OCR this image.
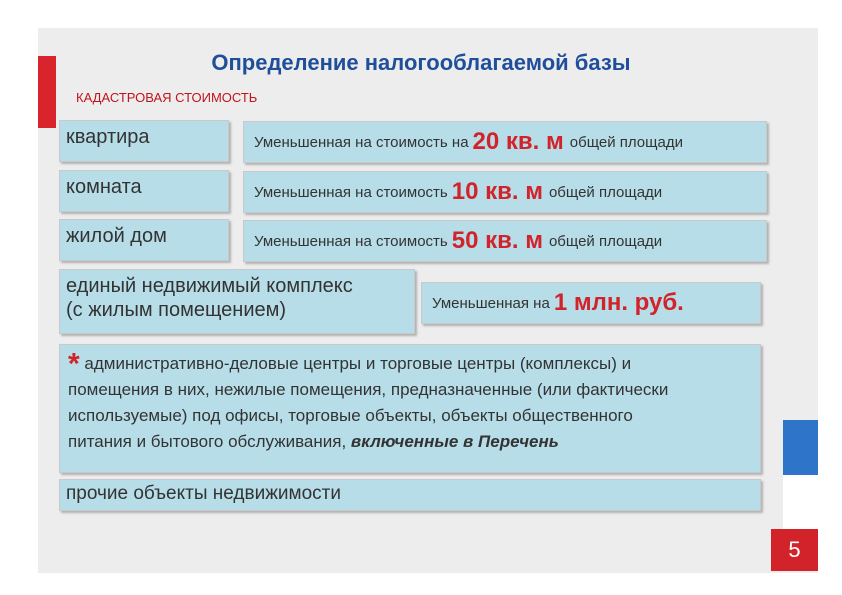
Определение налогооблагаемой базы
КАДАСТРОВАЯ СТОИМОСТЬ
квартира	Уменьшенная на стоимость на 20 кв. м общей площади
комната	Уменьшенная на стоимость 10 кв. м общей площади
жилой дом	Уменьшенная на стоимость 50 кв. м общей площади
единый недвижимый комплекс
(с жилым помещением)	Уменьшенная на 1 млн. руб.
* административно-деловые центры и торговые центры (комплексы) и
помещения в них, нежилые помещения, предназначенные (или фактически
используемые) под офисы, торговые объекты, объекты общественного
питания и бытового обслуживания, включенные в Перечень
прочие объекты недвижимости
5
